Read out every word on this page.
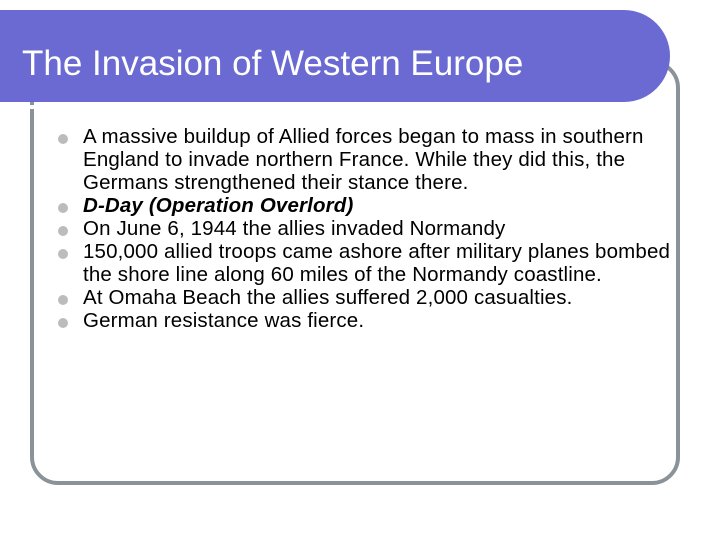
The Invasion of Western Europe
A massive buildup of Allied forces began to mass in southern England to invade northern France. While they did this, the Germans strengthened their stance there.
D-Day (Operation Overlord)
On June 6, 1944 the allies invaded Normandy
150,000 allied troops came ashore after military planes bombed the shore line along 60 miles of the Normandy coastline.
At Omaha Beach the allies suffered 2,000 casualties.
German resistance was fierce.
